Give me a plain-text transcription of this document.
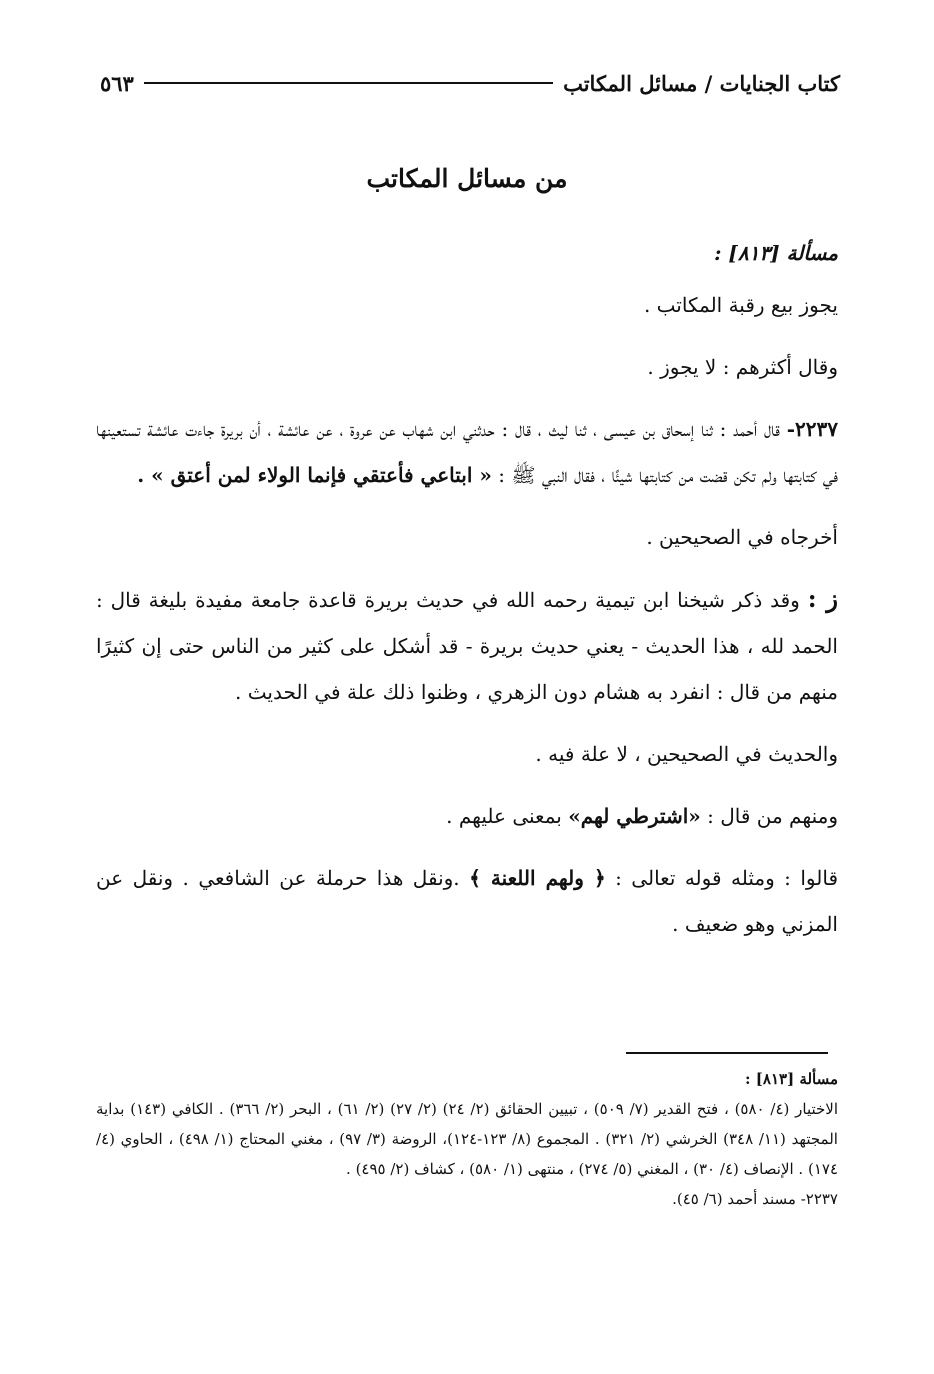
كتاب الجنايات / مسائل المكاتب
٥٦٣
من مسائل المكاتب

مسألة [٨١٣] :

يجوز بيع رقبة المكاتب .

وقال أكثرهم : لا يجوز .

٢٢٣٧- قال أحمد : ثنا إسحاق بن عيسى ، ثنا ليث ، قال : حدثني ابن شهاب عن عروة ، عن عائشة ، أن بريرة جاءت عائشة تستعينها في كتابتها ولم تكن قضت من كتابتها شيئًا ، فقال النبي ﷺ : « ابتاعي فأعتقي فإنما الولاء لمن أعتق » .

أخرجاه في الصحيحين .

ز : وقد ذكر شيخنا ابن تيمية رحمه الله في حديث بريرة قاعدة جامعة مفيدة بليغة قال : الحمد لله ، هذا الحديث - يعني حديث بريرة - قد أشكل على كثير من الناس حتى إن كثيرًا منهم من قال : انفرد به هشام دون الزهري ، وظنوا ذلك علة في الحديث .

والحديث في الصحيحين ، لا علة فيه .

ومنهم من قال : «اشترطي لهم» بمعنى عليهم .

قالوا : ومثله قوله تعالى : ﴿ ولهم اللعنة ﴾ .ونقل هذا حرملة عن الشافعي . ونقل عن المزني وهو ضعيف .

مسألة [٨١٣] :

الاختيار (٤/ ٥٨٠) ، فتح القدير (٧/ ٥٠٩) ، تبيين الحقائق (٢/ ٢٤) (٢/ ٢٧) (٢/ ٦١) ، البحر (٢/ ٣٦٦) . الكافي (١٤٣) بداية المجتهد (١١/ ٣٤٨) الخرشي (٢/ ٣٢١) . المجموع (٨/ ١٢٣-١٢٤)، الروضة (٣/ ٩٧) ، مغني المحتاج (١/ ٤٩٨) ، الحاوي (٤/ ١٧٤) . الإنصاف (٤/ ٣٠) ، المغني (٥/ ٢٧٤) ، منتهى (١/ ٥٨٠) ، كشاف (٢/ ٤٩٥) .

٢٢٣٧- مسند أحمد (٦/ ٤٥).
